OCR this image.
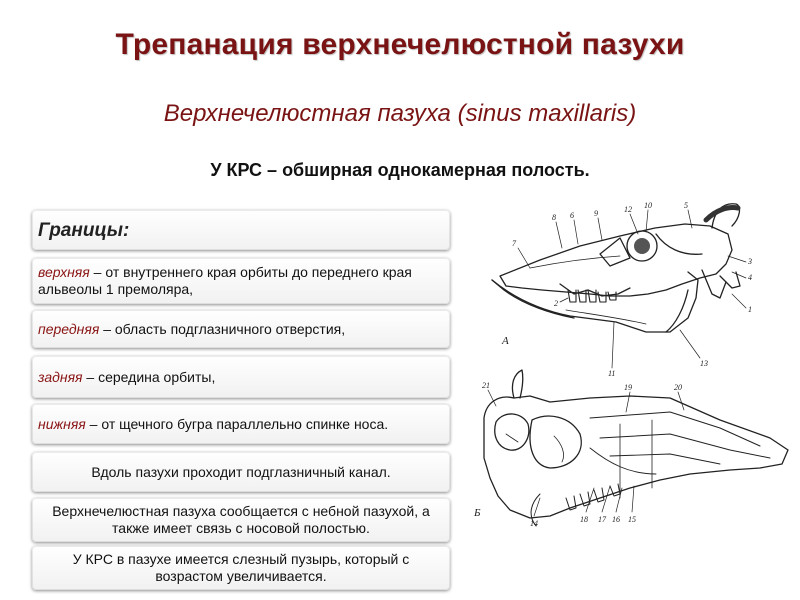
Трепанация верхнечелюстной пазухи
Верхнечелюстная пазуха (sinus maxillaris)
У КРС – обширная однокамерная полость.
Границы:
верхняя – от внутреннего края орбиты до переднего края альвеолы 1 премоляра,
передняя – область подглазничного отверстия,
задняя – середина орбиты,
нижняя – от щечного бугра параллельно спинке носа.
Вдоль пазухи проходит подглазничный канал.
Верхнечелюстная пазуха сообщается с небной пазухой, а также имеет связь с носовой полостью.
У КРС в пазухе имеется слезный пузырь, который с возрастом увеличивается.
8 6	9	12 10	5
7
3
4
2
1
13
11
21	19	20
18 17 16 15
14
А
Б
